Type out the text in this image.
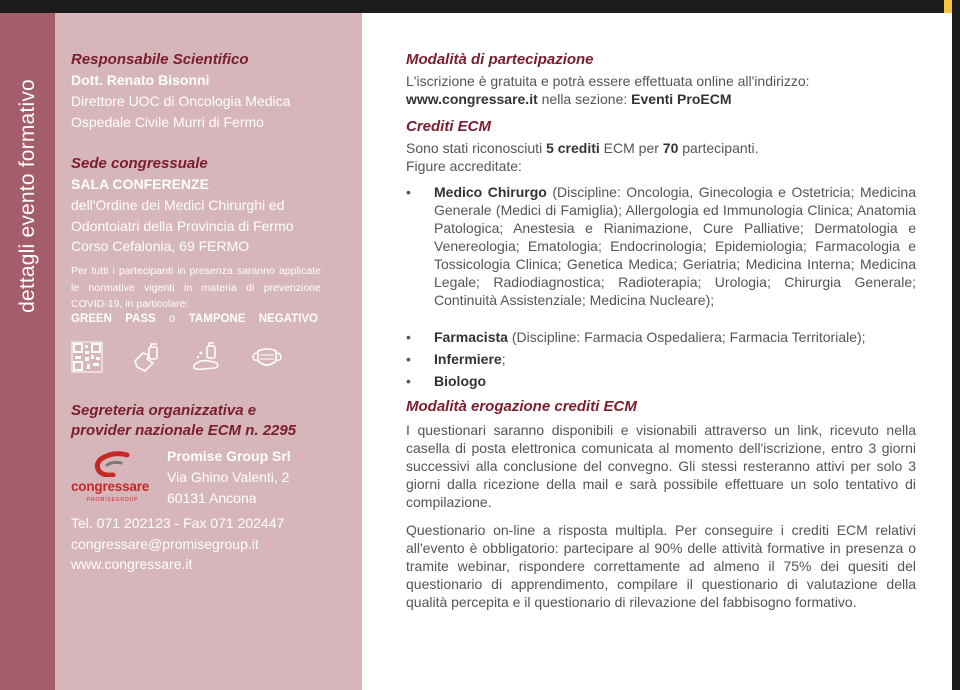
dettagli evento formativo
Responsabile Scientifico
Dott. Renato Bisonni
Direttore UOC di Oncologia Medica
Ospedale Civile Murri di Fermo
Sede congressuale
SALA CONFERENZE
dell'Ordine dei Medici Chirurghi ed
Odontoiatri della Provincia di Fermo
Corso Cefalonia, 69 FERMO
Per tutti i partecipanti in presenza saranno applicate le normative vigenti in materia di prevenzione COVID-19, in particolare:
GREEN PASS o TAMPONE NEGATIVO
Segreteria organizzativa e
provider nazionale ECM n. 2295
congressare
PROMISEGROUP
Promise Group Srl
Via Ghino Valenti, 2
60131 Ancona
Tel. 071 202123 - Fax 071 202447
congressare@promisegroup.it
www.congressare.it
Modalità di partecipazione
L'iscrizione è gratuita e potrà essere effettuata online all'indirizzo:
www.congressare.it nella sezione: Eventi ProECM
Crediti ECM
Sono stati riconosciuti 5 crediti ECM per 70 partecipanti.
Figure accreditate:
• Medico Chirurgo (Discipline: Oncologia, Ginecologia e Ostetricia; Medicina Generale (Medici di Famiglia); Allergologia ed Immunologia Clinica; Anatomia Patologica; Anestesia e Rianimazione, Cure Palliative; Dermatologia e Venereologia; Ematologia; Endocrinologia; Epidemiologia; Farmacologia e Tossicologia Clinica; Genetica Medica; Geriatria; Medicina Interna; Medicina Legale; Radiodiagnostica; Radioterapia; Urologia; Chirurgia Generale; Continuità Assistenziale; Medicina Nucleare);
• Farmacista (Discipline: Farmacia Ospedaliera; Farmacia Territoriale);
• Infermiere;
• Biologo
Modalità erogazione crediti ECM
I questionari saranno disponibili e visionabili attraverso un link, ricevuto nella casella di posta elettronica comunicata al momento dell'iscrizione, entro 3 giorni successivi alla conclusione del convegno. Gli stessi resteranno attivi per solo 3 giorni dalla ricezione della mail e sarà possibile effettuare un solo tentativo di compilazione.
Questionario on-line a risposta multipla. Per conseguire i crediti ECM relativi all'evento è obbligatorio: partecipare al 90% delle attività formative in presenza o tramite webinar, rispondere correttamente ad almeno il 75% dei quesiti del questionario di apprendimento, compilare il questionario di valutazione della qualità percepita e il questionario di rilevazione del fabbisogno formativo.
